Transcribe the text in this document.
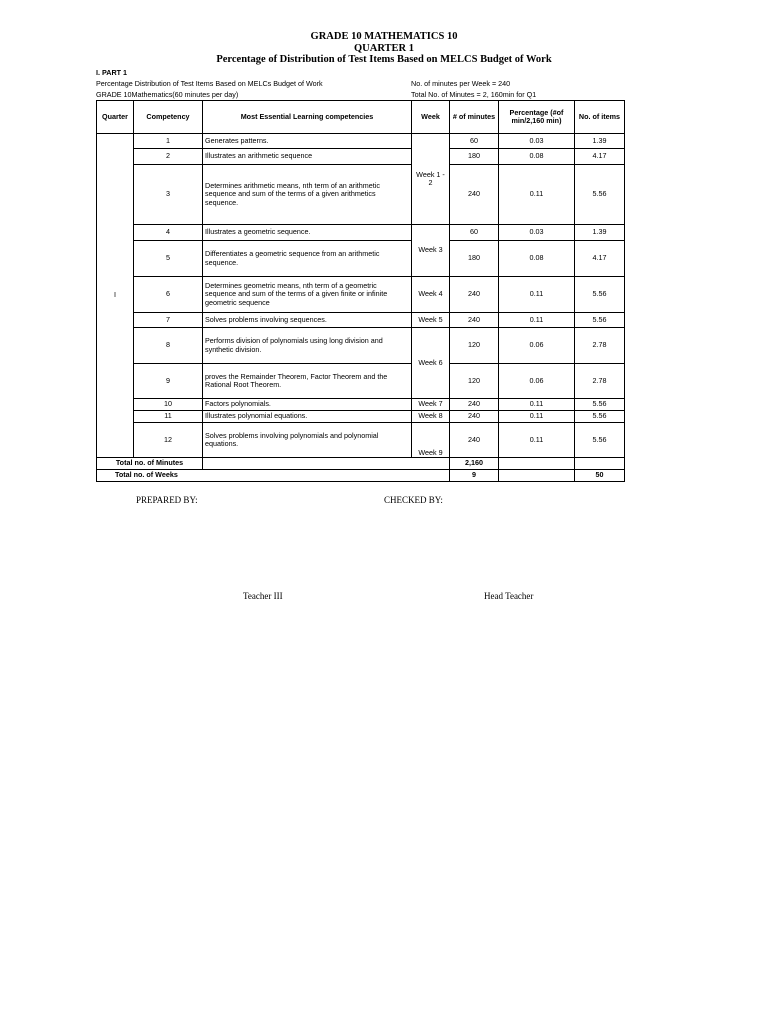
GRADE 10 MATHEMATICS 10
QUARTER 1
Percentage of Distribution of Test Items Based on MELCS Budget of Work
I. PART 1
Percentage Distribution of Test Items Based on MELCs Budget of Work
GRADE 10Mathematics(60 minutes per day)
No. of minutes per Week = 240
Total No. of Minutes = 2, 160min for Q1
Quarter	Competency	Most Essential Learning competencies	Week	# of minutes	Percentage (#of min/2,160 min)	No. of items
I	1	Generates patterns.	Week 1 - 2	60	0.03	1.39
	2	Illustrates an arithmetic sequence		180	0.08	4.17
	3	Determines arithmetic means, nth term of an arithmetic sequence and sum of the terms of a given arithmetics sequence.		240	0.11	5.56
	4	Illustrates a geometric sequence.	Week 3	60	0.03	1.39
	5	Differentiates a geometric sequence from an arithmetic sequence.		180	0.08	4.17
	6	Determines geometric means, nth term of a geometric sequence and sum of the terms of a given finite or infinite geometric sequence	Week 4	240	0.11	5.56
	7	Solves problems involving sequences.	Week 5	240	0.11	5.56
	8	Performs division of polynomials using long division and synthetic division.	Week 6	120	0.06	2.78
	9	proves the Remainder Theorem, Factor Theorem and the Rational Root Theorem.		120	0.06	2.78
	10	Factors polynomials.	Week 7	240	0.11	5.56
	11	Illustrates polynomial equations.	Week 8	240	0.11	5.56
	12	Solves problems involving polynomials and polynomial equations.	Week 9	240	0.11	5.56
Total no. of Minutes				2,160		
Total no. of Weeks				9		50
PREPARED BY:	CHECKED BY:
Teacher III	Head Teacher
